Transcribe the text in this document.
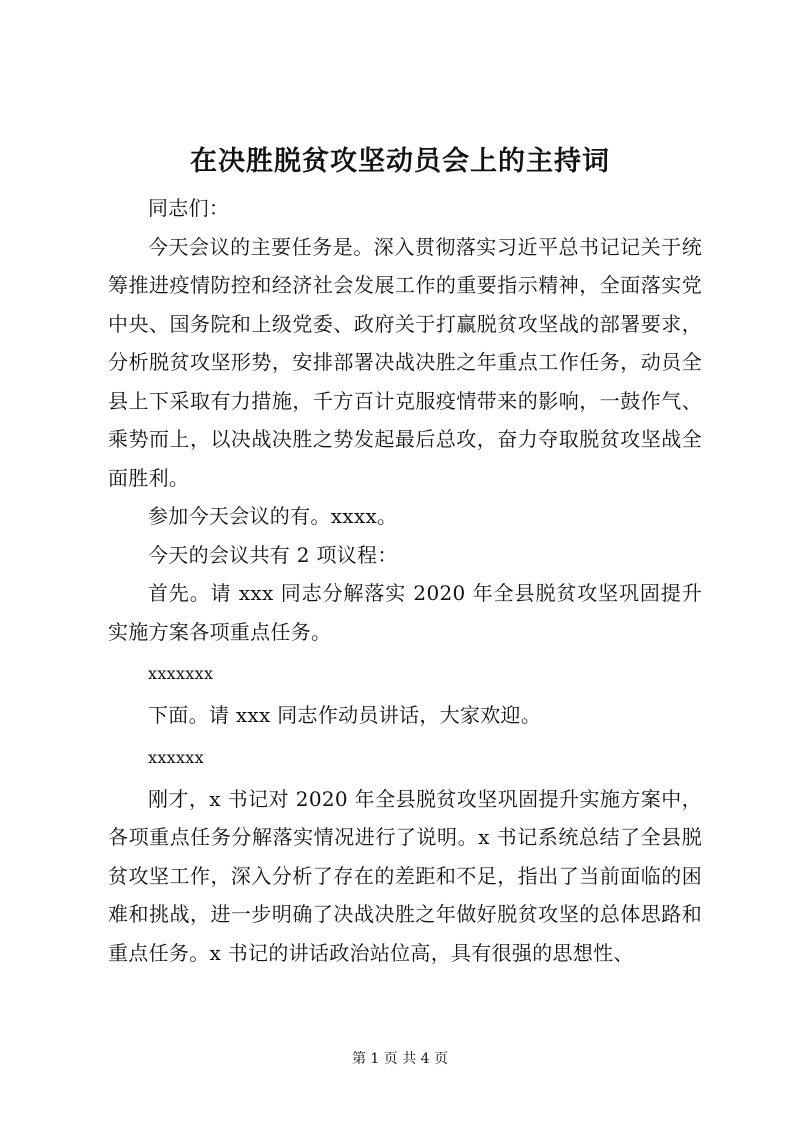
在决胜脱贫攻坚动员会上的主持词

同志们：

今天会议的主要任务是。深入贯彻落实习近平总书记记关于统筹推进疫情防控和经济社会发展工作的重要指示精神，全面落实党中央、国务院和上级党委、政府关于打赢脱贫攻坚战的部署要求，分析脱贫攻坚形势，安排部署决战决胜之年重点工作任务，动员全县上下采取有力措施，千方百计克服疫情带来的影响，一鼓作气、乘势而上，以决战决胜之势发起最后总攻，奋力夺取脱贫攻坚战全面胜利。

参加今天会议的有。xxxx。

今天的会议共有 2 项议程：

首先。请 xxx 同志分解落实 2020 年全县脱贫攻坚巩固提升实施方案各项重点任务。

xxxxxxx

下面。请 xxx 同志作动员讲话，大家欢迎。

xxxxxx

刚才，x 书记对 2020 年全县脱贫攻坚巩固提升实施方案中，各项重点任务分解落实情况进行了说明。x 书记系统总结了全县脱贫攻坚工作，深入分析了存在的差距和不足，指出了当前面临的困难和挑战，进一步明确了决战决胜之年做好脱贫攻坚的总体思路和重点任务。x 书记的讲话政治站位高，具有很强的思想性、

第 1 页 共 4 页
